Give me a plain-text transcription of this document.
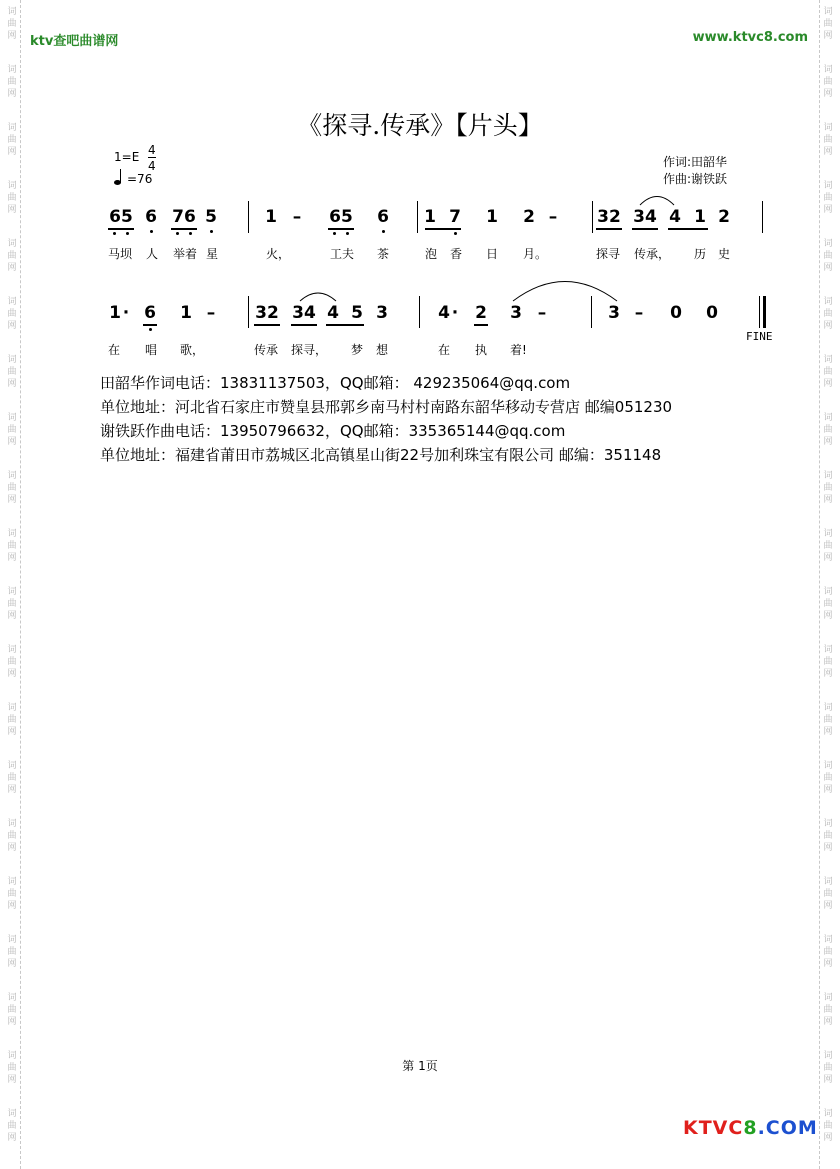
词
曲
网
词
曲
网
词
曲
网
词
曲
网
词
曲
网
词
曲
网
词
曲
网
词
曲
网
词
曲
网
词
曲
网
词
曲
网
词
曲
网
词
曲
网
词
曲
网
词
曲
网
词
曲
网
词
曲
网
词
曲
网
词
曲
网
词
曲
网
词
曲
网
词
曲
网
词
曲
网
词
曲
网
词
曲
网
词
曲
网
词
曲
网
词
曲
网
词
曲
网
词
曲
网
词
曲
网
词
曲
网
词
曲
网
词
曲
网
词
曲
网
词
曲
网
词
曲
网
词
曲
网
词
曲
网
词
曲
网
ktv查吧曲谱网	www.ktvc8.com
《探寻.传承》【片头】
1=E 4
4
=76
作词:田韶华
作曲:谢铁跃
65 6 76 5	1 – 65 6 1 7 1 2 – 32 34 4 1 2
马坝 人 举着 星	火，	工夫 茶	泡 香 日 月。	探寻 传承， 历 史
1 · 6 1 – 32 34 4 5 3	4 · 2 3 –	3 – 0 0
在 唱 歌，	传承 探寻， 梦 想	在 执 着!
FINE
田韶华作词电话：13831137503，QQ邮箱： 429235064@qq.com
单位地址：河北省石家庄市赞皇县邢郭乡南马村村南路东韶华移动专营店 邮编051230
谢铁跃作曲电话：13950796632，QQ邮箱：335365144@qq.com
单位地址：福建省莆田市荔城区北高镇星山街22号加利珠宝有限公司 邮编：351148
第 1页
KTVC8.COM
